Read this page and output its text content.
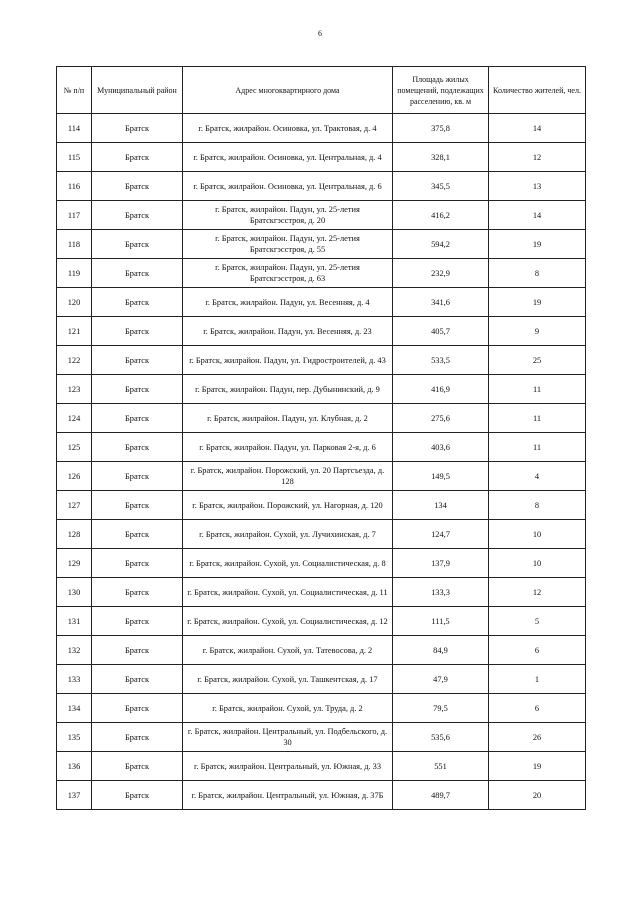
6
№ п/п	Муниципальный район	Адрес многоквартирного дома	Площадь жилых помещений, подлежащих расселению, кв. м	Количество жителей, чел.
114	Братск	г. Братск, жилрайон. Осиновка, ул. Трактовая, д. 4	375,8	14
115	Братск	г. Братск, жилрайон. Осиновка, ул. Центральная, д. 4	328,1	12
116	Братск	г. Братск, жилрайон. Осиновка, ул. Центральная, д. 6	345,5	13
117	Братск	г. Братск, жилрайон. Падун, ул. 25-летия Братскгэсстроя, д. 20	416,2	14
118	Братск	г. Братск, жилрайон. Падун, ул. 25-летия Братскгэсстроя, д. 55	594,2	19
119	Братск	г. Братск, жилрайон. Падун, ул. 25-летия Братскгэсстроя, д. 63	232,9	8
120	Братск	г. Братск, жилрайон. Падун, ул. Весенняя, д. 4	341,6	19
121	Братск	г. Братск, жилрайон. Падун, ул. Весенняя, д. 23	405,7	9
122	Братск	г. Братск, жилрайон. Падун, ул. Гидростроителей, д. 43	533,5	25
123	Братск	г. Братск, жилрайон. Падун, пер. Дубынинский, д. 9	416,9	11
124	Братск	г. Братск, жилрайон. Падун, ул. Клубная, д. 2	275,6	11
125	Братск	г. Братск, жилрайон. Падун, ул. Парковая 2-я, д. 6	403,6	11
126	Братск	г. Братск, жилрайон. Порожский, ул. 20 Партсъезда, д. 128	149,5	4
127	Братск	г. Братск, жилрайон. Порожский, ул. Нагорная, д. 120	134	8
128	Братск	г. Братск, жилрайон. Сухой, ул. Лучихинская, д. 7	124,7	10
129	Братск	г. Братск, жилрайон. Сухой, ул. Социалистическая, д. 8	137,9	10
130	Братск	г. Братск, жилрайон. Сухой, ул. Социалистическая, д. 11	133,3	12
131	Братск	г. Братск, жилрайон. Сухой, ул. Социалистическая, д. 12	111,5	5
132	Братск	г. Братск, жилрайон. Сухой, ул. Татевосова, д. 2	84,9	6
133	Братск	г. Братск, жилрайон. Сухой, ул. Ташкентская, д. 17	47,9	1
134	Братск	г. Братск, жилрайон. Сухой, ул. Труда, д. 2	79,5	6
135	Братск	г. Братск, жилрайон. Центральный, ул. Подбельского, д. 30	535,6	26
136	Братск	г. Братск, жилрайон. Центральный, ул. Южная, д. 33	551	19
137	Братск	г. Братск, жилрайон. Центральный, ул. Южная, д. 37Б	489,7	20
